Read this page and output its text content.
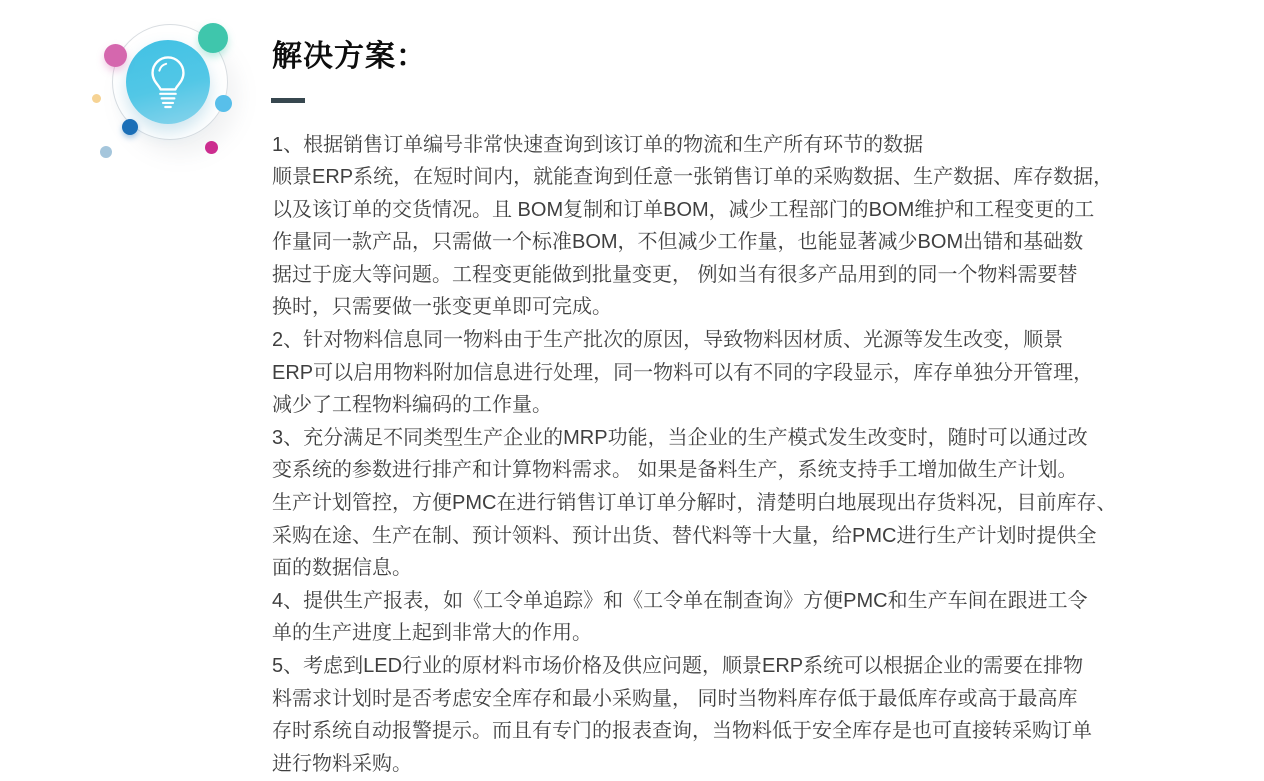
解决方案：
1、根据销售订单编号非常快速查询到该订单的物流和生产所有环节的数据
顺景ERP系统，在短时间内，就能查询到任意一张销售订单的采购数据、生产数据、库存数据，
以及该订单的交货情况。且 BOM复制和订单BOM，减少工程部门的BOM维护和工程变更的工
作量同一款产品，只需做一个标准BOM，不但减少工作量，也能显著减少BOM出错和基础数
据过于庞大等问题。工程变更能做到批量变更， 例如当有很多产品用到的同一个物料需要替
换时，只需要做一张变更单即可完成。
2、针对物料信息同一物料由于生产批次的原因，导致物料因材质、光源等发生改变，顺景
ERP可以启用物料附加信息进行处理，同一物料可以有不同的字段显示，库存单独分开管理，
减少了工程物料编码的工作量。
3、充分满足不同类型生产企业的MRP功能，当企业的生产模式发生改变时，随时可以通过改
变系统的参数进行排产和计算物料需求。 如果是备料生产，系统支持手工增加做生产计划。
生产计划管控，方便PMC在进行销售订单订单分解时，清楚明白地展现出存货料况，目前库存、
采购在途、生产在制、预计领料、预计出货、替代料等十大量，给PMC进行生产计划时提供全
面的数据信息。
4、提供生产报表，如《工令单追踪》和《工令单在制查询》方便PMC和生产车间在跟进工令
单的生产进度上起到非常大的作用。
5、考虑到LED行业的原材料市场价格及供应问题，顺景ERP系统可以根据企业的需要在排物
料需求计划时是否考虑安全库存和最小采购量， 同时当物料库存低于最低库存或高于最高库
存时系统自动报警提示。而且有专门的报表查询，当物料低于安全库存是也可直接转采购订单
进行物料采购。
